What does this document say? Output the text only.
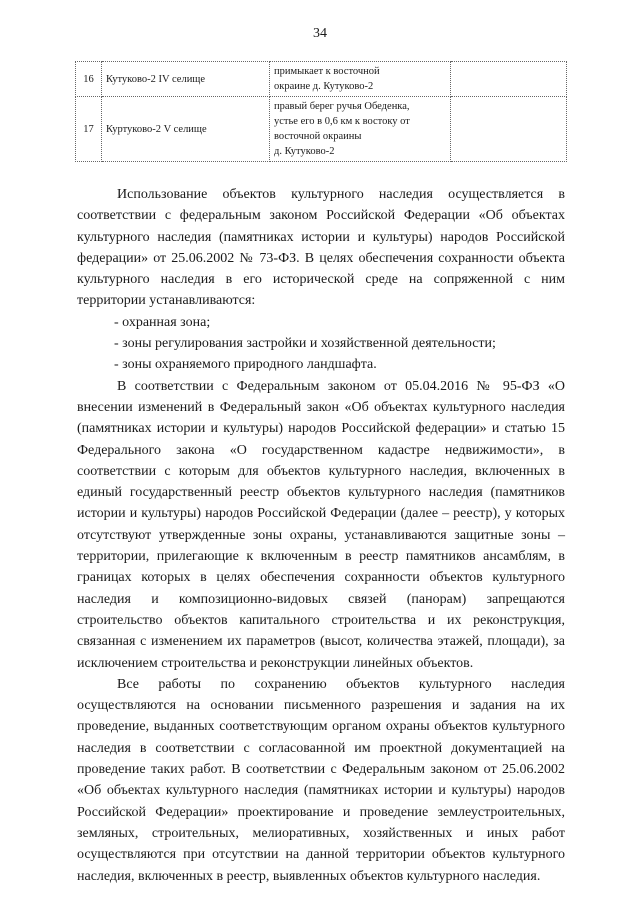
34
16	Кутуково-2 IV селище	примыкает к восточной
окраине д. Кутуково-2	

17	Куртуково-2 V селище	правый берег ручья Обеденка,
устье его в 0,6 км к востоку от
восточной окраины
д. Кутуково-2	

Использование объектов культурного наследия осуществляется в соответствии с федеральным законом Российской Федерации «Об объектах культурного наследия (памятниках истории и культуры) народов Российской федерации» от 25.06.2002 № 73-ФЗ. В целях обеспечения сохранности объекта культурного наследия в его исторической среде на сопряженной с ним территории устанавливаются:

- охранная зона;

- зоны регулирования застройки и хозяйственной деятельности;

- зоны охраняемого природного ландшафта.

В соответствии с Федеральным законом от 05.04.2016 № 95-ФЗ «О внесении изменений в Федеральный закон «Об объектах культурного наследия (памятниках истории и культуры) народов Российской федерации» и статью 15 Федерального закона «О государственном кадастре недвижимости», в соответствии с которым для объектов культурного наследия, включенных в единый государственный реестр объектов культурного наследия (памятников истории и культуры) народов Российской Федерации (далее – реестр), у которых отсутствуют утвержденные зоны охраны, устанавливаются защитные зоны – территории, прилегающие к включенным в реестр памятников ансамблям, в границах которых в целях обеспечения сохранности объектов культурного наследия и композиционно-видовых связей (панорам) запрещаются строительство объектов капитального строительства и их реконструкция, связанная с изменением их параметров (высот, количества этажей, площади), за исключением строительства и реконструкции линейных объектов.

Все работы по сохранению объектов культурного наследия осуществляются на основании письменного разрешения и задания на их проведение, выданных соответствующим органом охраны объектов культурного наследия в соответствии с согласованной им проектной документацией на проведение таких работ. В соответствии с Федеральным законом от 25.06.2002 «Об объектах культурного наследия (памятниках истории и культуры) народов Российской Федерации» проектирование и проведение землеустроительных, земляных, строительных, мелиоративных, хозяйственных и иных работ осуществляются при отсутствии на данной территории объектов культурного наследия, включенных в реестр, выявленных объектов культурного наследия.
